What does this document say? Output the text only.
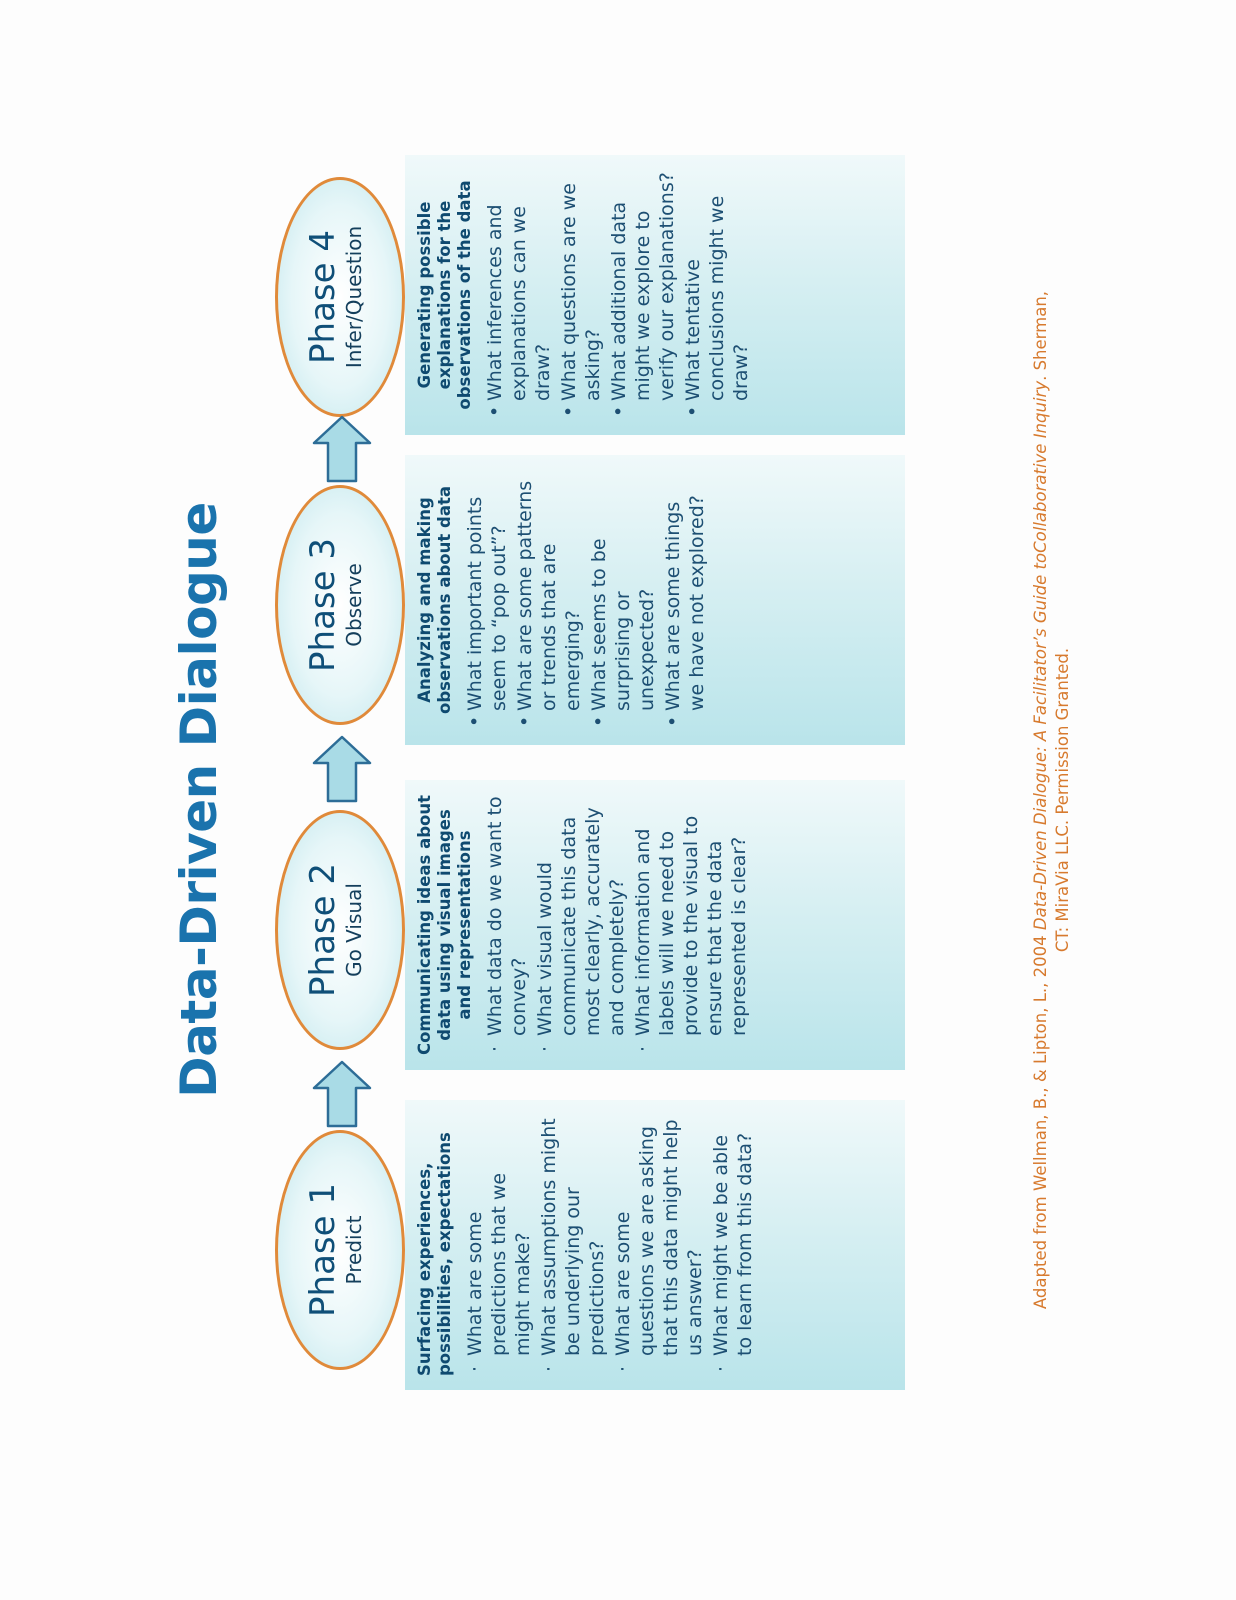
Data-Driven Dialogue
Phase 1 Predict
Phase 2 Go Visual
Phase 3 Observe
Phase 4 Infer/Question
Surfacing experiences, possibilities, expectations ·
What are some predictions that we might make?
·
What assumptions might be underlying our predictions?
·
What are some questions we are asking that this data might help us answer?
·
What might we be able to learn from this data?
Communicating ideas about data using visual images and representations
·
What data do we want to convey?
·
What visual would communicate this data most clearly, accurately and completely?
·
What information and labels will we need to provide to the visual to ensure that the data represented is clear?
Analyzing and making observations about data
•
What important points seem to “pop out”?
•
What are some patterns or trends that are emerging?
•
What seems to be surprising or unexpected?
•
What are some things we have not explored?
Generating possible explanations for the observations of the data
•
What inferences and explanations can we draw?
•
What questions are we asking?
•
What additional data might we explore to verify our explanations?
•
What tentative conclusions might we draw?
Adapted from Wellman, B., & Lipton, L., 2004 Data-Driven Dialogue: A Facilitator’s Guide toCollaborative Inquiry. Sherman, CT: MiraVia LLC. Permission Granted.
